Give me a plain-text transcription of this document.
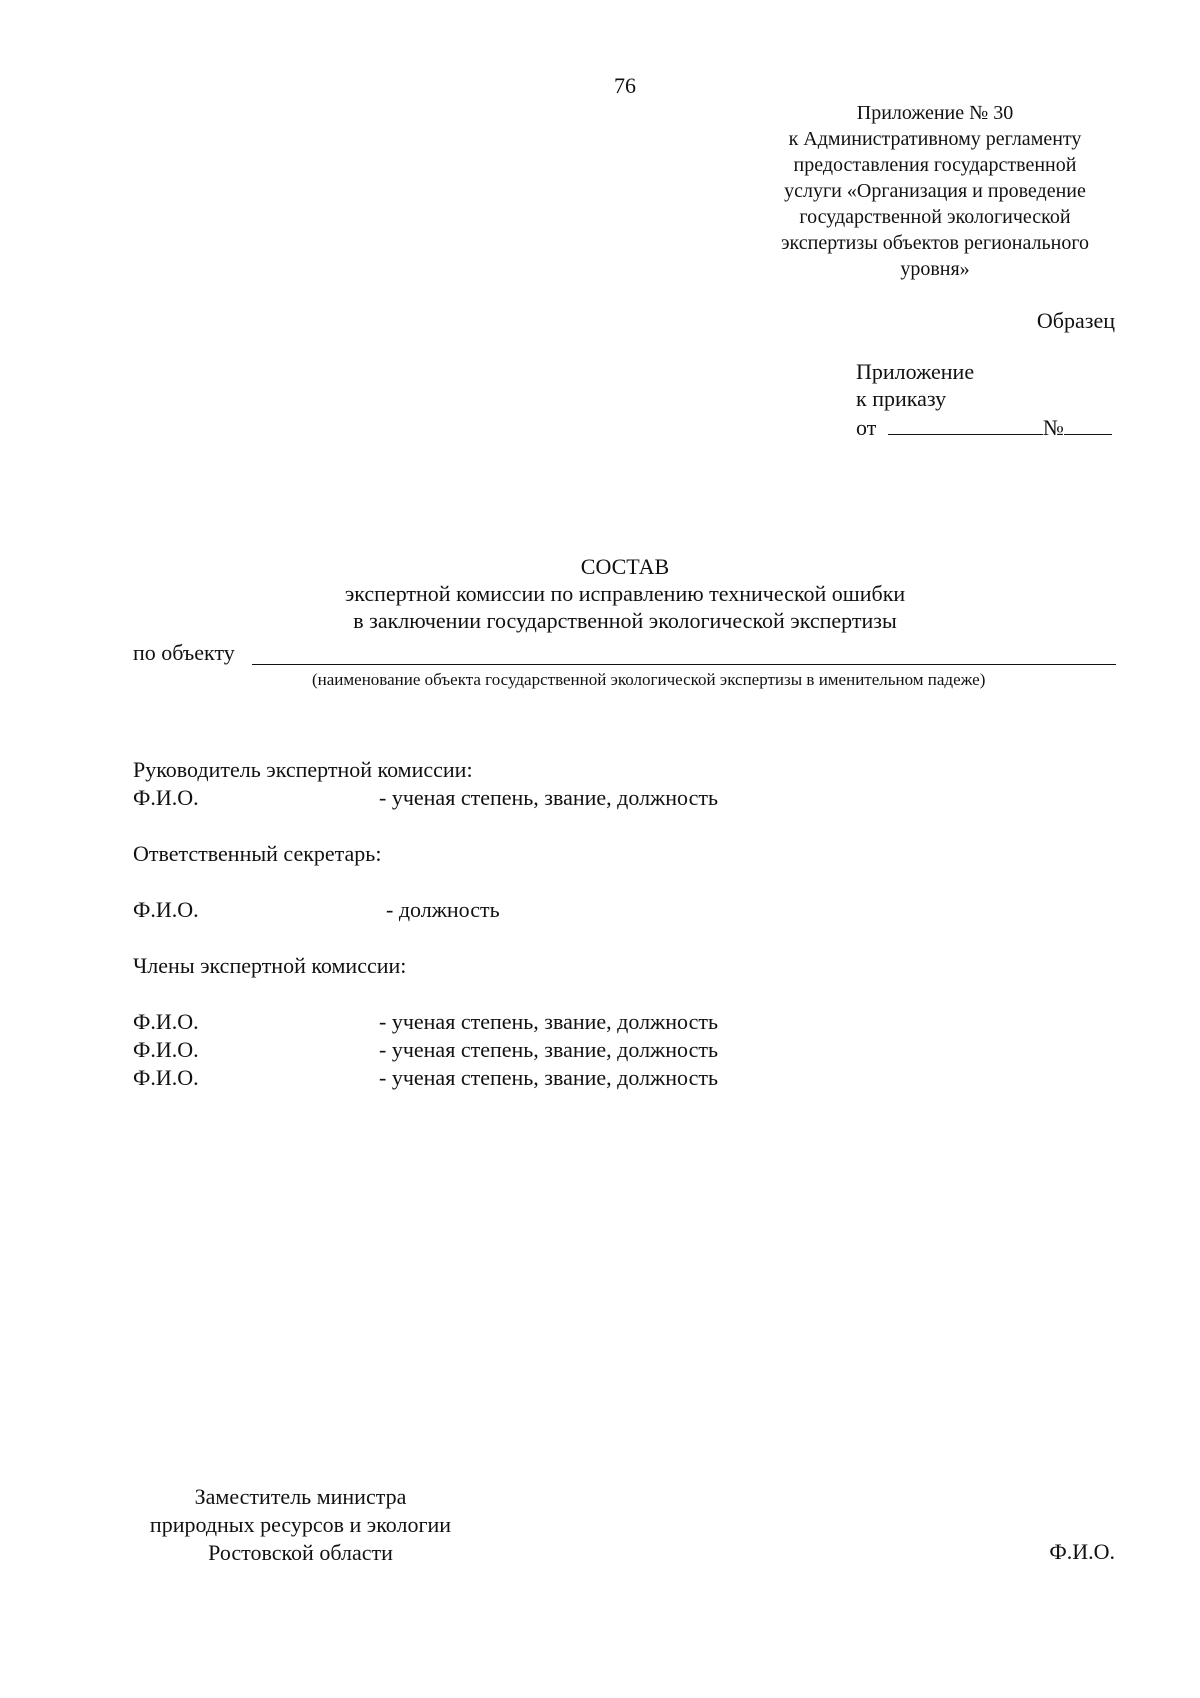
76
Приложение № 30
к Административному регламенту
предоставления государственной
услуги «Организация и проведение
государственной экологической
экспертизы объектов регионального
уровня»
Образец
Приложение
к приказу
от	№
СОСТАВ
экспертной комиссии по исправлению технической ошибки
в заключении государственной экологической экспертизы
по объекту
(наименование объекта государственной экологической экспертизы в именительном падеже)
Руководитель экспертной комиссии:
Ф.И.О.	- ученая степень, звание, должность
Ответственный секретарь:
Ф.И.О.	- должность
Члены экспертной комиссии:
Ф.И.О.	- ученая степень, звание, должность
Ф.И.О.	- ученая степень, звание, должность
Ф.И.О.	- ученая степень, звание, должность
Заместитель министра
природных ресурсов и экологии
Ростовской области	Ф.И.О.
